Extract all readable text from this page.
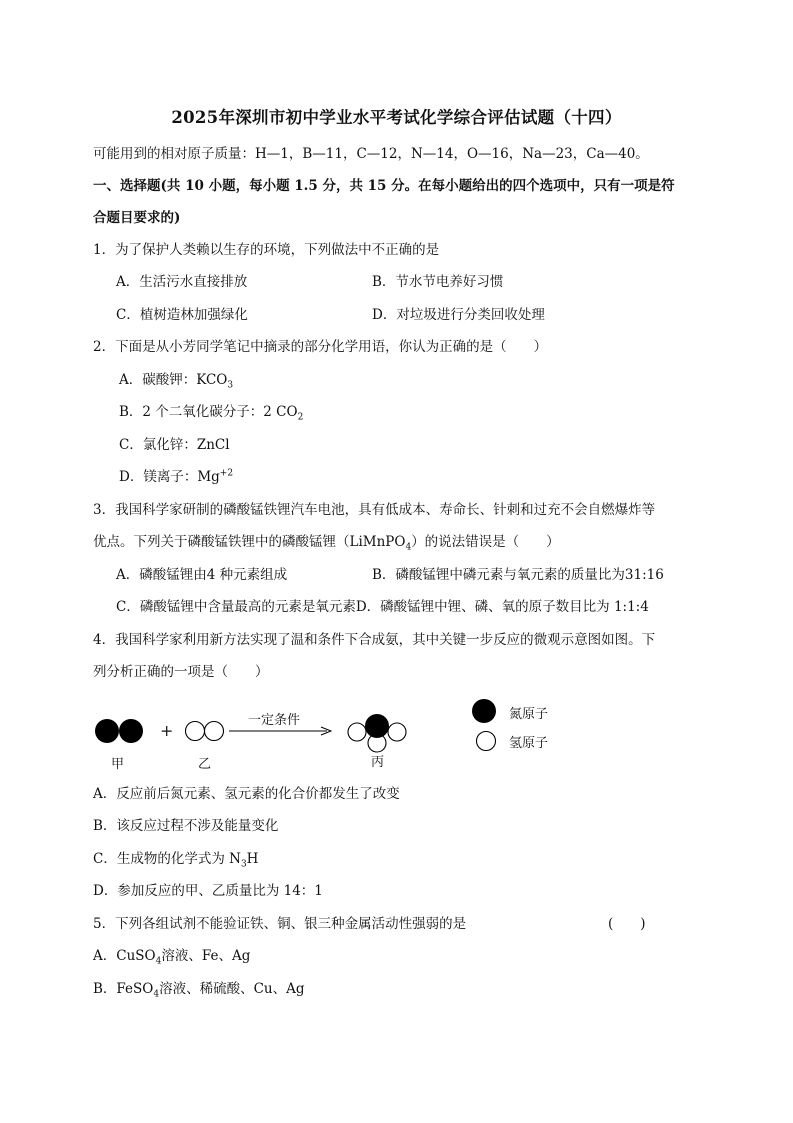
2025年深圳市初中学业水平考试化学综合评估试题（十四）
可能用到的相对原子质量：H—1，B—11，C—12，N—14，O—16，Na—23，Ca—40。
一、选择题(共 10 小题，每小题 1.5 分，共 15 分。在每小题给出的四个选项中，只有一项是符
合题目要求的)
1．为了保护人类赖以生存的环境，下列做法中不正确的是
A．生活污水直接排放	B．节水节电养好习惯
C．植树造林加强绿化	D．对垃圾进行分类回收处理
2．下面是从小芳同学笔记中摘录的部分化学用语，你认为正确的是（　　）
A．碳酸钾：$KCO_3$
B．2 个二氧化碳分子：2 $CO_2$
C．氯化锌：ZnCl
D．镁离子：$Mg^{+2}$
3．我国科学家研制的磷酸锰铁锂汽车电池，具有低成本、寿命长、针刺和过充不会自燃爆炸等
优点。下列关于磷酸锰铁锂中的磷酸锰锂（LiMnPO$_4$）的说法错误是（　　）
A．磷酸锰锂由4 种元素组成	B．磷酸锰锂中磷元素与氧元素的质量比为31:16
C．磷酸锰锂中含量最高的元素是氧元素D．磷酸锰锂中锂、磷、氧的原子数目比为 1:1:4
4．我国科学家利用新方法实现了温和条件下合成氨，其中关键一步反应的微观示意图如图。下
列分析正确的一项是（　　）
甲
+
乙
一定条件
丙
氮原子
氢原子
A．反应前后氮元素、氢元素的化合价都发生了改变
B．该反应过程不涉及能量变化
C．生成物的化学式为 $N_3H$
D．参加反应的甲、乙质量比为 14：1
5．下列各组试剂不能验证铁、铜、银三种金属活动性强弱的是	(　　)
A．CuSO$_4$溶液、Fe、Ag
B．FeSO$_4$溶液、稀硫酸、Cu、Ag
